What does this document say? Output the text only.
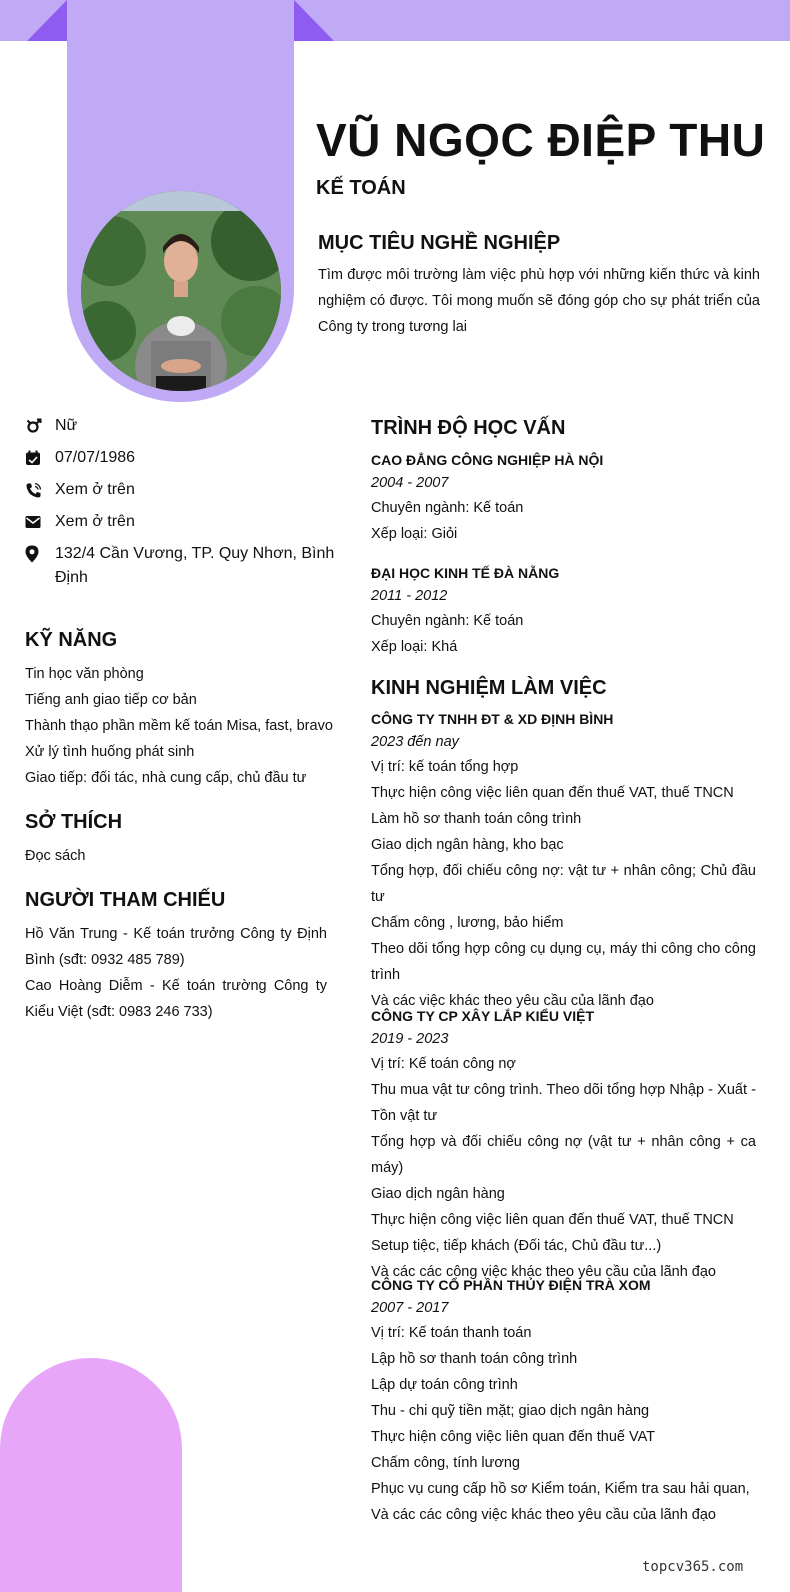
VŨ NGỌC ĐIỆP THU
KẾ TOÁN
MỤC TIÊU NGHỀ NGHIỆP
Tìm được môi trường làm việc phù hợp với những kiến thức và kinh nghiệm có được. Tôi mong muốn sẽ đóng góp cho sự phát triển của Công ty trong tương lai
Nữ
07/07/1986
Xem ở trên
Xem ở trên
132/4 Cần Vương, TP. Quy Nhơn, Bình Định
KỸ NĂNG
Tin học văn phòng
Tiếng anh giao tiếp cơ bản
Thành thạo phần mềm kế toán Misa, fast, bravo
Xử lý tình huống phát sinh
Giao tiếp: đối tác, nhà cung cấp, chủ đầu tư
SỞ THÍCH
Đọc sách
NGƯỜI THAM CHIẾU
Hồ Văn Trung - Kế toán trưởng Công ty Định Bình (sđt: 0932 485 789)
Cao Hoàng Diễm - Kế toán trường Công ty Kiểu Việt (sđt: 0983 246 733)
TRÌNH ĐỘ HỌC VẤN
CAO ĐẲNG CÔNG NGHIỆP HÀ NỘI
2004 - 2007
Chuyên ngành: Kế toán
Xếp loại: Giỏi
ĐẠI HỌC KINH TẾ ĐÀ NẴNG
2011 - 2012
Chuyên ngành: Kế toán
Xếp loại: Khá
KINH NGHIỆM LÀM VIỆC
CÔNG TY TNHH ĐT & XD ĐỊNH BÌNH
2023 đến nay
Vị trí: kế toán tổng hợp
Thực hiện công việc liên quan đến thuế VAT, thuế TNCN
Làm hồ sơ thanh toán công trình
Giao dịch ngân hàng, kho bạc
Tổng hợp, đối chiếu công nợ: vật tư + nhân công; Chủ đầu tư
Chấm công , lương, bảo hiểm
Theo dõi tổng hợp công cụ dụng cụ, máy thi công cho công trình
Và các việc khác theo yêu cầu của lãnh đạo
CÔNG TY CP XÂY LẮP KIỂU VIỆT
2019 - 2023
Vị trí: Kế toán công nợ
Thu mua vật tư công trình. Theo dõi tổng hợp Nhập - Xuất - Tồn vật tư
Tổng hợp và đối chiếu công nợ (vật tư + nhân công + ca máy)
Giao dịch ngân hàng
Thực hiện công việc liên quan đến thuế VAT, thuế TNCN
Setup tiệc, tiếp khách (Đối tác, Chủ đầu tư...)
Và các các công việc khác theo yêu cầu của lãnh đạo
CÔNG TY CỔ PHẦN THỦY ĐIỆN TRÀ XOM
2007 - 2017
Vị trí: Kế toán thanh toán
Lập hồ sơ thanh toán công trình
Lập dự toán công trình
Thu - chi quỹ tiền mặt; giao dịch ngân hàng
Thực hiện công việc liên quan đến thuế VAT
Chấm công, tính lương
Phục vụ cung cấp hồ sơ Kiểm toán, Kiểm tra sau hải quan,
Và các các công việc khác theo yêu cầu của lãnh đạo
topcv365.com
